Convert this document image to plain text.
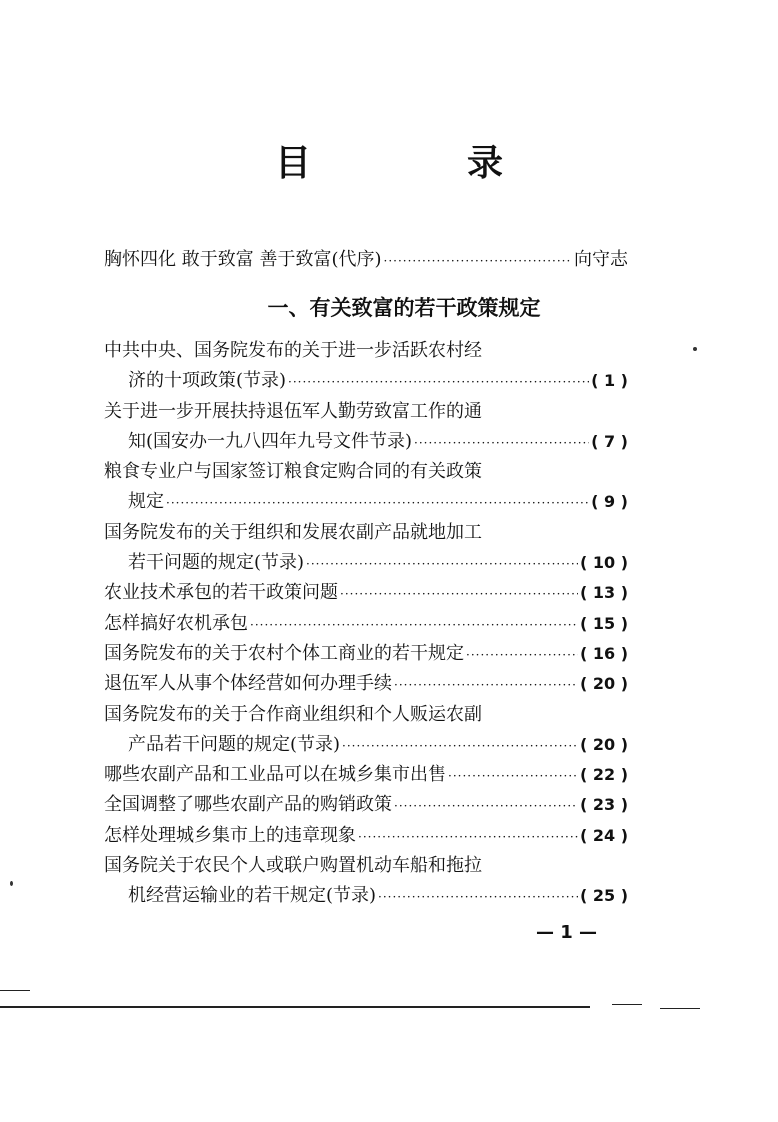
目　录
胸怀四化 敢于致富 善于致富(代序) ·····	向守志
一、有关致富的若干政策规定
中共中央、国务院发布的关于进一步活跃农村经
济的十项政策(节录) ·····	( 1 )
关于进一步开展扶持退伍军人勤劳致富工作的通
知(国安办一九八四年九号文件节录) ·····	( 7 )
粮食专业户与国家签订粮食定购合同的有关政策
规定 ·····	( 9 )
国务院发布的关于组织和发展农副产品就地加工
若干问题的规定(节录) ·····	( 10 )
农业技术承包的若干政策问题 ·····	( 13 )
怎样搞好农机承包 ·····	( 15 )
国务院发布的关于农村个体工商业的若干规定 ·····	( 16 )
退伍军人从事个体经营如何办理手续 ·····	( 20 )
国务院发布的关于合作商业组织和个人贩运农副
产品若干问题的规定(节录) ·····	( 20 )
哪些农副产品和工业品可以在城乡集市出售 ·····	( 22 )
全国调整了哪些农副产品的购销政策 ·····	( 23 )
怎样处理城乡集市上的违章现象 ·····	( 24 )
国务院关于农民个人或联户购置机动车船和拖拉
机经营运输业的若干规定(节录) ·····	( 25 )
— 1 —
